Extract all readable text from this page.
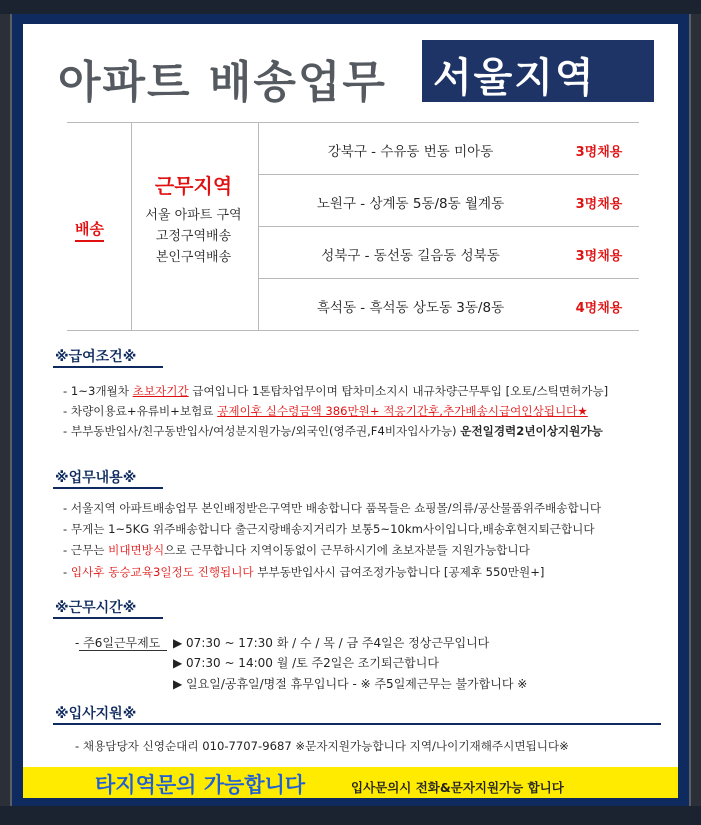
아파트 배송업무 서울지역
배송
근무지역
서울 아파트 구역
고정구역배송
본인구역배송
강북구 - 수유동 번동 미아동	3명채용
노원구 - 상계동 5동/8동 월계동	3명채용
성북구 - 동선동 길음동 성북동	3명채용
흑석동 - 흑석동 상도동 3동/8동	4명채용
※급여조건※
- 1~3개월차 초보자기간 급여입니다 1톤탑차업무이며 탑차미소지시 내규차량근무투입 [오토/스틱면허가능]
- 차량이용료+유류비+보험료 공제이후 실수령금액 386만원+ 적응기간후,추가배송시급여인상됩니다★
- 부부동반입사/친구동반입사/여성분지원가능/외국인(영주권,F4비자입사가능) 운전일경력2년이상지원가능
※업무내용※
- 서울지역 아파트배송업무 본인배정받은구역만 배송합니다 품목들은 쇼핑몰/의류/공산물품위주배송합니다
- 무게는 1~5KG 위주배송합니다 출근지랑배송지거리가 보통5~10km사이입니다,배송후현지퇴근합니다
- 근무는 비대면방식으로 근무합니다 지역이동없이 근무하시기에 초보자분들 지원가능합니다
- 입사후 동승교육3일정도 진행됩니다 부부동반입사시 급여조정가능합니다 [공제후 550만원+]
※근무시간※
- 주6일근무제도 ▶ 07:30 ~ 17:30 화 / 수 / 목 / 금 주4일은 정상근무입니다
▶ 07:30 ~ 14:00 월 /토 주2일은 조기퇴근합니다
▶ 일요일/공휴일/명절 휴무입니다 - ※ 주5일제근무는 불가합니다 ※
※입사지원※
- 채용담당자 신영순대리 010-7707-9687 ※문자지원가능합니다 지역/나이기재해주시면됩니다※
타지역문의 가능합니다	입사문의시 전화&문자지원가능 합니다
